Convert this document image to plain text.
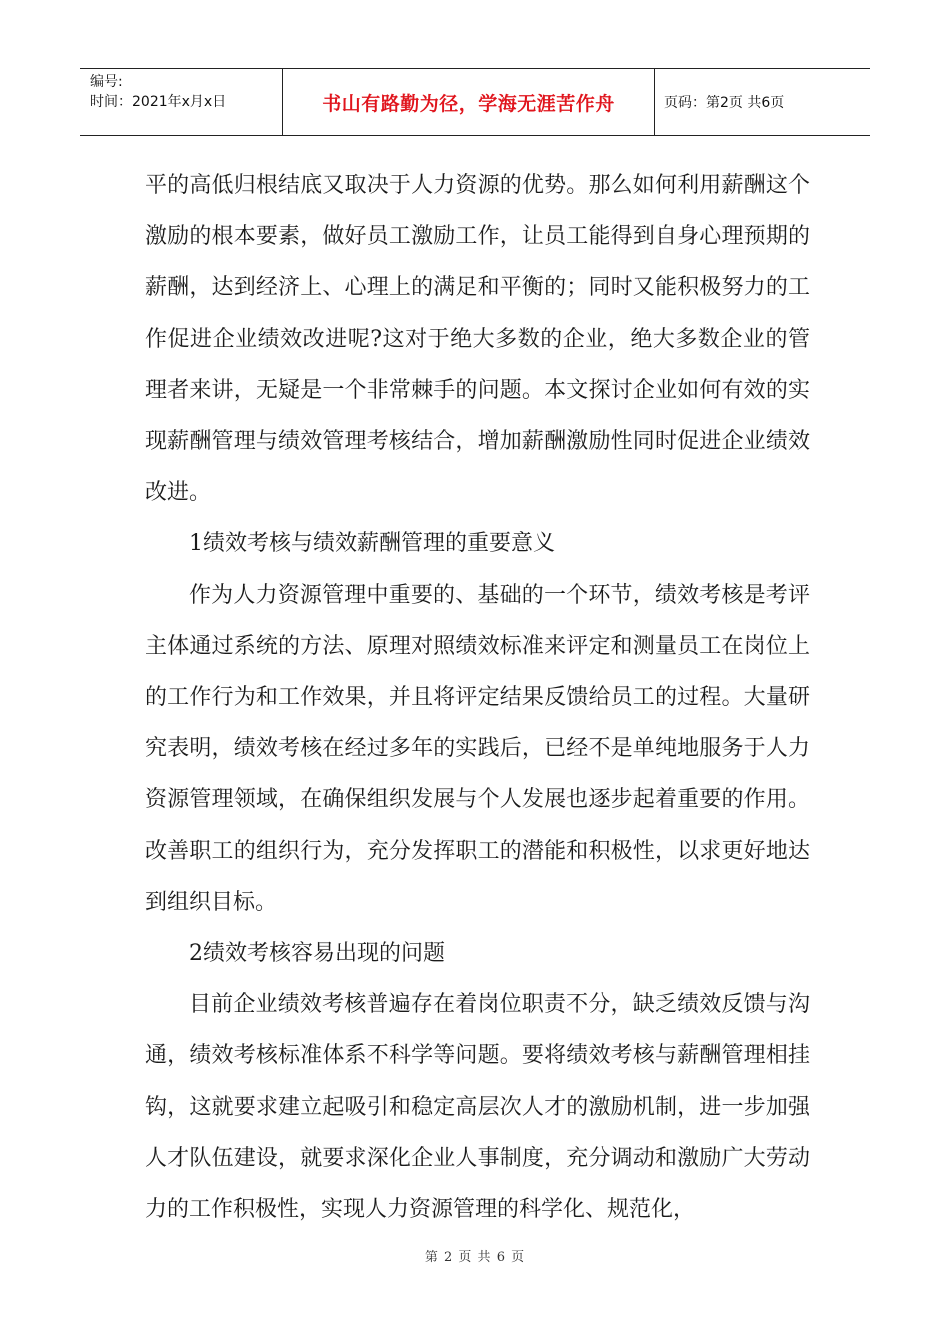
编号:
时间：2021年x月x日	书山有路勤为径，学海无涯苦作舟	页码：第2页 共6页

平的高低归根结底又取决于人力资源的优势。那么如何利用薪酬这个激励的根本要素，做好员工激励工作，让员工能得到自身心理预期的薪酬，达到经济上、心理上的满足和平衡的；同时又能积极努力的工作促进企业绩效改进呢?这对于绝大多数的企业，绝大多数企业的管理者来讲，无疑是一个非常棘手的问题。本文探讨企业如何有效的实现薪酬管理与绩效管理考核结合，增加薪酬激励性同时促进企业绩效改进。

1绩效考核与绩效薪酬管理的重要意义

作为人力资源管理中重要的、基础的一个环节，绩效考核是考评主体通过系统的方法、原理对照绩效标准来评定和测量员工在岗位上的工作行为和工作效果，并且将评定结果反馈给员工的过程。大量研究表明，绩效考核在经过多年的实践后，已经不是单纯地服务于人力资源管理领域，在确保组织发展与个人发展也逐步起着重要的作用。改善职工的组织行为，充分发挥职工的潜能和积极性，以求更好地达到组织目标。

2绩效考核容易出现的问题

目前企业绩效考核普遍存在着岗位职责不分，缺乏绩效反馈与沟通，绩效考核标准体系不科学等问题。要将绩效考核与薪酬管理相挂钩，这就要求建立起吸引和稳定高层次人才的激励机制，进一步加强人才队伍建设，就要求深化企业人事制度，充分调动和激励广大劳动力的工作积极性，实现人力资源管理的科学化、规范化，

第 2 页 共 6 页
